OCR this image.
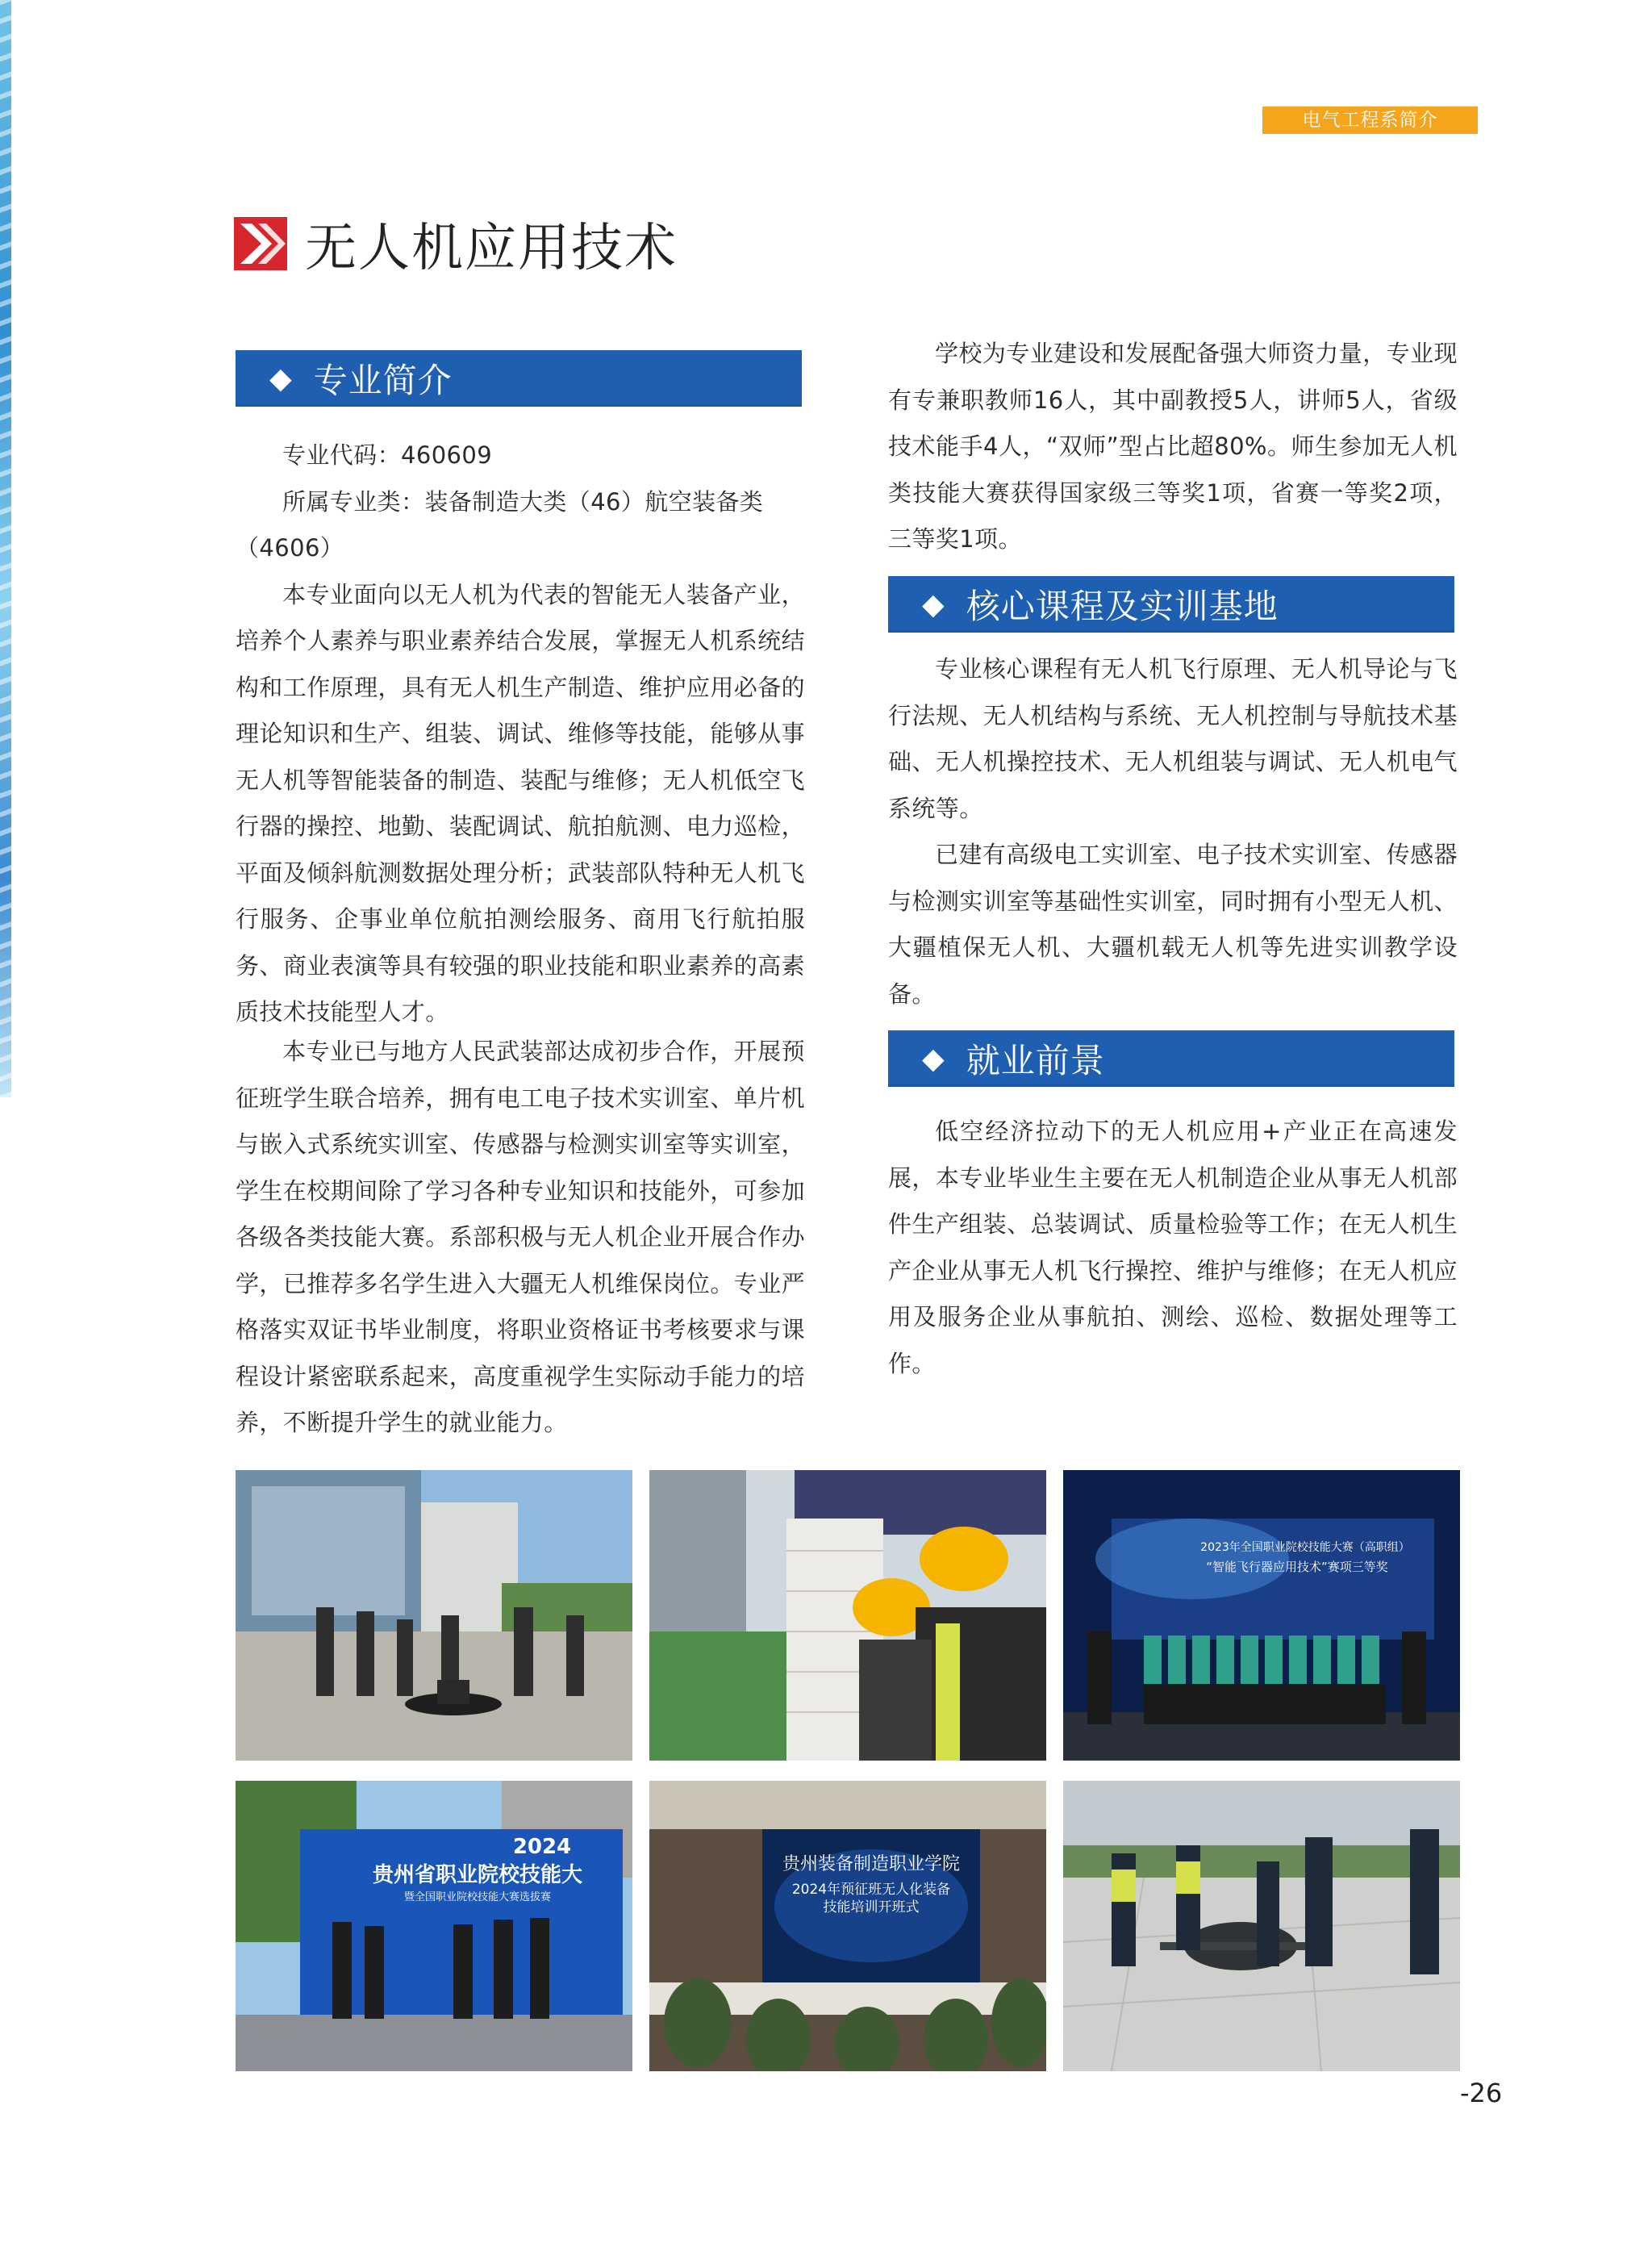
电气工程系简介
无人机应用技术
◆ 专业简介

专业代码：460609

所属专业类：装备制造大类（46）航空装备类

（4606）

本专业面向以无人机为代表的智能无人装备产业，培养个人素养与职业素养结合发展，掌握无人机系统结构和工作原理，具有无人机生产制造、维护应用必备的理论知识和生产、组装、调试、维修等技能，能够从事无人机等智能装备的制造、装配与维修；无人机低空飞行器的操控、地勤、装配调试、航拍航测、电力巡检，平面及倾斜航测数据处理分析；武装部队特种无人机飞行服务、企事业单位航拍测绘服务、商用飞行航拍服务、商业表演等具有较强的职业技能和职业素养的高素质技术技能型人才。

本专业已与地方人民武装部达成初步合作，开展预征班学生联合培养，拥有电工电子技术实训室、单片机与嵌入式系统实训室、传感器与检测实训室等实训室，学生在校期间除了学习各种专业知识和技能外，可参加各级各类技能大赛。系部积极与无人机企业开展合作办学，已推荐多名学生进入大疆无人机维保岗位。专业严格落实双证书毕业制度，将职业资格证书考核要求与课程设计紧密联系起来，高度重视学生实际动手能力的培养，不断提升学生的就业能力。

学校为专业建设和发展配备强大师资力量，专业现有专兼职教师16人，其中副教授5人，讲师5人，省级技术能手4人，“双师”型占比超80%。师生参加无人机类技能大赛获得国家级三等奖1项，省赛一等奖2项，三等奖1项。

◆ 核心课程及实训基地

专业核心课程有无人机飞行原理、无人机导论与飞行法规、无人机结构与系统、无人机控制与导航技术基础、无人机操控技术、无人机组装与调试、无人机电气系统等。

已建有高级电工实训室、电子技术实训室、传感器与检测实训室等基础性实训室，同时拥有小型无人机、大疆植保无人机、大疆机载无人机等先进实训教学设备。

◆ 就业前景

低空经济拉动下的无人机应用+产业正在高速发展，本专业毕业生主要在无人机制造企业从事无人机部件生产组装、总装调试、质量检验等工作；在无人机生产企业从事无人机飞行操控、维护与维修；在无人机应用及服务企业从事航拍、测绘、巡检、数据处理等工作。

2023年全国职业院校技能大赛（高职组）
“智能飞行器应用技术”赛项三等奖
2024
贵州省职业院校技能大
暨全国职业院校技能大赛选拔赛
贵州装备制造职业学院
2024年预征班无人化装备
技能培训开班式
-26
